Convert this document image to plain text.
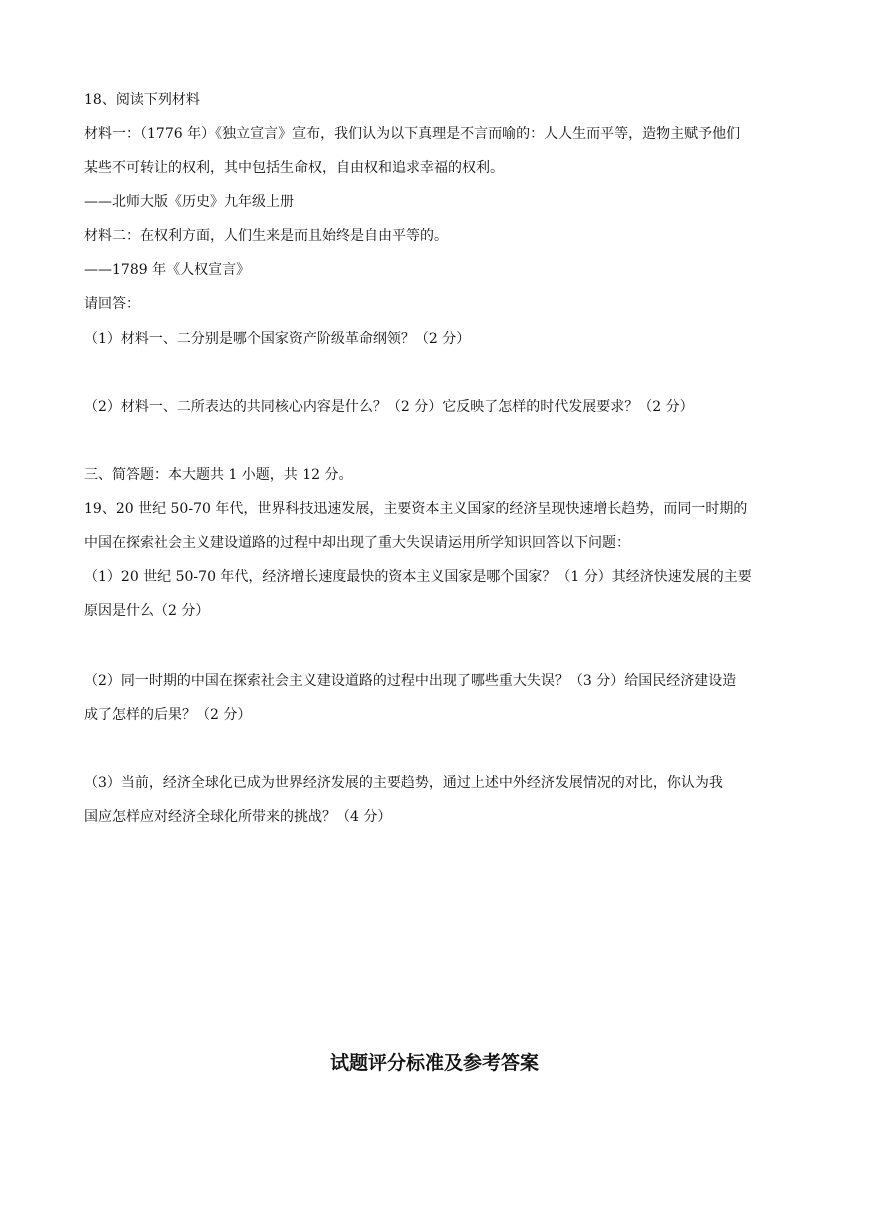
18、阅读下列材料
材料一：（1776 年）《独立宣言》宣布，我们认为以下真理是不言而喻的：人人生而平等，造物主赋予他们
某些不可转让的权利，其中包括生命权，自由权和追求幸福的权利。
——北师大版《历史》九年级上册
材料二：在权利方面，人们生来是而且始终是自由平等的。
——1789 年《人权宣言》
请回答：
（1）材料一、二分别是哪个国家资产阶级革命纲领？（2 分）
（2）材料一、二所表达的共同核心内容是什么？（2 分）它反映了怎样的时代发展要求？（2 分）
三、简答题：本大题共 1 小题，共 12 分。
19、20 世纪 50-70 年代，世界科技迅速发展，主要资本主义国家的经济呈现快速增长趋势，而同一时期的
中国在探索社会主义建设道路的过程中却出现了重大失误请运用所学知识回答以下问题：
（1）20 世纪 50-70 年代，经济增长速度最快的资本主义国家是哪个国家？（1 分）其经济快速发展的主要
原因是什么（2 分）
（2）同一时期的中国在探索社会主义建设道路的过程中出现了哪些重大失误？（3 分）给国民经济建设造
成了怎样的后果？（2 分）
（3）当前，经济全球化已成为世界经济发展的主要趋势，通过上述中外经济发展情况的对比，你认为我
国应怎样应对经济全球化所带来的挑战？（4 分）
试题评分标准及参考答案
